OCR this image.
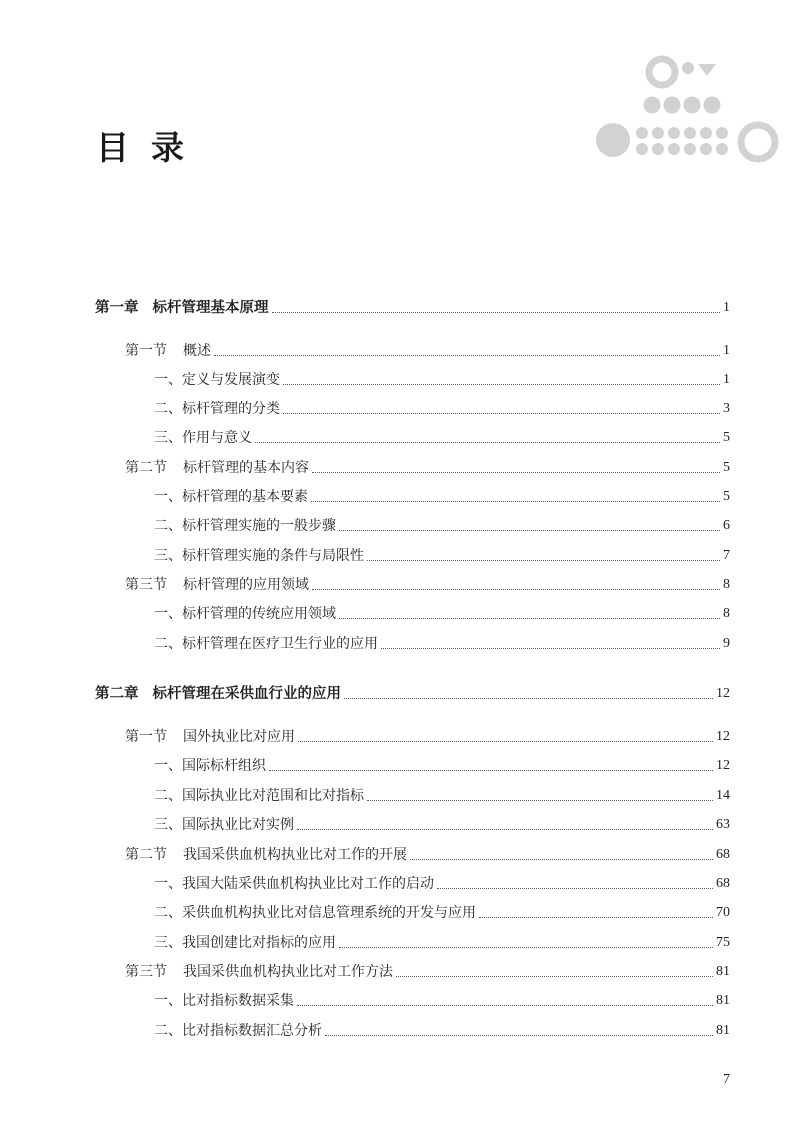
目 录
第一章 标杆管理基本原理	1
第一节 概述	1
一、定义与发展演变	1
二、标杆管理的分类	3
三、作用与意义	5
第二节 标杆管理的基本内容	5
一、标杆管理的基本要素	5
二、标杆管理实施的一般步骤	6
三、标杆管理实施的条件与局限性	7
第三节 标杆管理的应用领域	8
一、标杆管理的传统应用领域	8
二、标杆管理在医疗卫生行业的应用	9
第二章 标杆管理在采供血行业的应用	12
第一节 国外执业比对应用	12
一、国际标杆组织	12
二、国际执业比对范围和比对指标	14
三、国际执业比对实例	63
第二节 我国采供血机构执业比对工作的开展	68
一、我国大陆采供血机构执业比对工作的启动	68
二、采供血机构执业比对信息管理系统的开发与应用	70
三、我国创建比对指标的应用	75
第三节 我国采供血机构执业比对工作方法	81
一、比对指标数据采集	81
二、比对指标数据汇总分析	81
7
